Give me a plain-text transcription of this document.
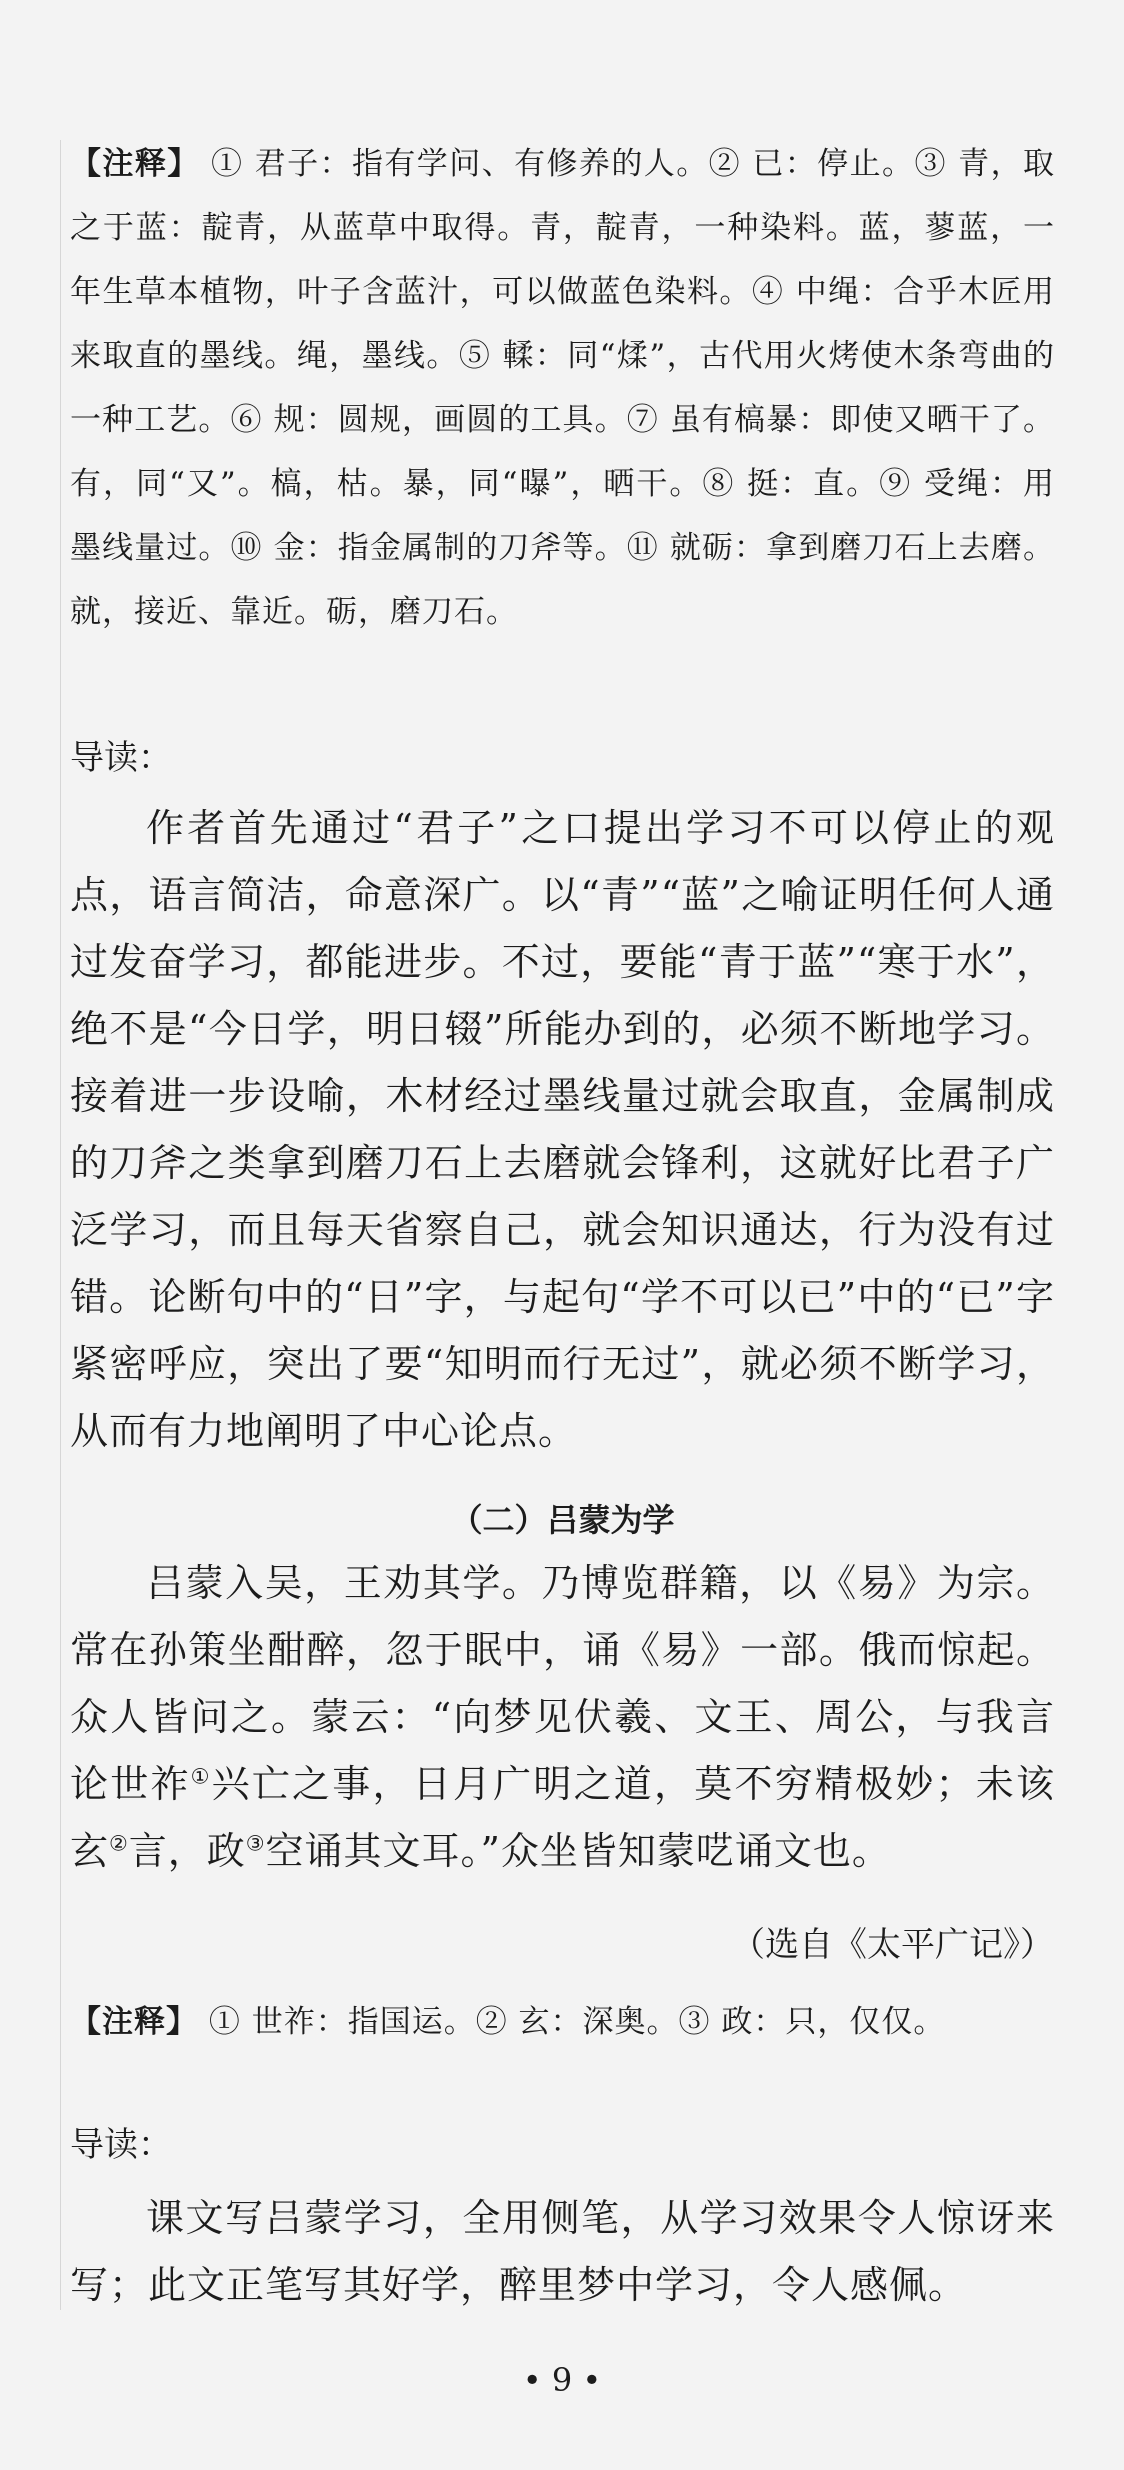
【注释】 ① 君子：指有学问、有修养的人。② 已：停止。③ 青，取之于蓝：靛青，从蓝草中取得。青，靛青，一种染料。蓝，蓼蓝，一年生草本植物，叶子含蓝汁，可以做蓝色染料。④ 中绳：合乎木匠用来取直的墨线。绳，墨线。⑤ 輮：同“煣”，古代用火烤使木条弯曲的一种工艺。⑥ 规：圆规，画圆的工具。⑦ 虽有槁暴：即使又晒干了。有，同“又”。槁，枯。暴，同“曝”，晒干。⑧ 挺：直。⑨ 受绳：用墨线量过。⑩ 金：指金属制的刀斧等。⑪ 就砺：拿到磨刀石上去磨。就，接近、靠近。砺，磨刀石。
导读：
作者首先通过“君子”之口提出学习不可以停止的观点，语言简洁，命意深广。以“青”“蓝”之喻证明任何人通过发奋学习，都能进步。不过，要能“青于蓝”“寒于水”，绝不是“今日学，明日辍”所能办到的，必须不断地学习。接着进一步设喻，木材经过墨线量过就会取直，金属制成的刀斧之类拿到磨刀石上去磨就会锋利，这就好比君子广泛学习，而且每天省察自己，就会知识通达，行为没有过错。论断句中的“日”字，与起句“学不可以已”中的“已”字紧密呼应，突出了要“知明而行无过”，就必须不断学习，从而有力地阐明了中心论点。
（二）吕蒙为学
吕蒙入吴，王劝其学。乃博览群籍，以《易》为宗。常在孙策坐酣醉，忽于眠中，诵《易》一部。俄而惊起。众人皆问之。蒙云：“向梦见伏羲、文王、周公，与我言论世祚①兴亡之事，日月广明之道，莫不穷精极妙；未该玄②言，政③空诵其文耳。”众坐皆知蒙呓诵文也。
（选自《太平广记》）
【注释】 ① 世祚：指国运。② 玄：深奥。③ 政：只，仅仅。
导读：
课文写吕蒙学习，全用侧笔，从学习效果令人惊讶来写；此文正笔写其好学，醉里梦中学习，令人感佩。
• 9 •
